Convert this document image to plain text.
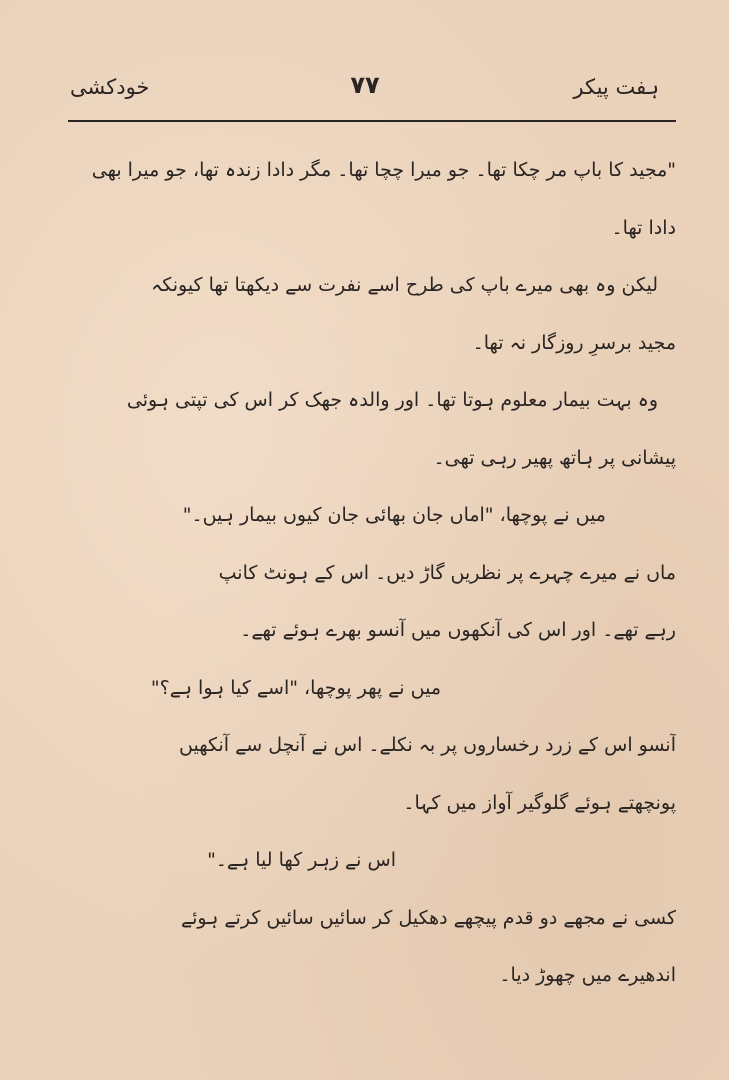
ہفت پیکر
۷۷
خودکشی
"مجید کا باپ مر چکا تھا۔ جو میرا چچا تھا۔ مگر دادا زندہ تھا، جو میرا بھی
دادا تھا۔
لیکن وہ بھی میرے باپ کی طرح اسے نفرت سے دیکھتا تھا کیونکہ
مجید برسرِ روزگار نہ تھا۔
وہ بہت بیمار معلوم ہوتا تھا۔ اور والدہ جھک کر اس کی تپتی ہوئی
پیشانی پر ہاتھ پھیر رہی تھی۔
میں نے پوچھا، "اماں جان بھائی جان کیوں بیمار ہیں۔"
ماں نے میرے چہرے پر نظریں گاڑ دیں۔ اس کے ہونٹ کانپ
رہے تھے۔ اور اس کی آنکھوں میں آنسو بھرے ہوئے تھے۔
میں نے پھر پوچھا، "اسے کیا ہوا ہے؟"
آنسو اس کے زرد رخساروں پر بہ نکلے۔ اس نے آنچل سے آنکھیں
پونچھتے ہوئے گلوگیر آواز میں کہا۔
اس نے زہر کھا لیا ہے۔"
کسی نے مجھے دو قدم پیچھے دھکیل کر سائیں سائیں کرتے ہوئے
اندھیرے میں چھوڑ دیا۔
